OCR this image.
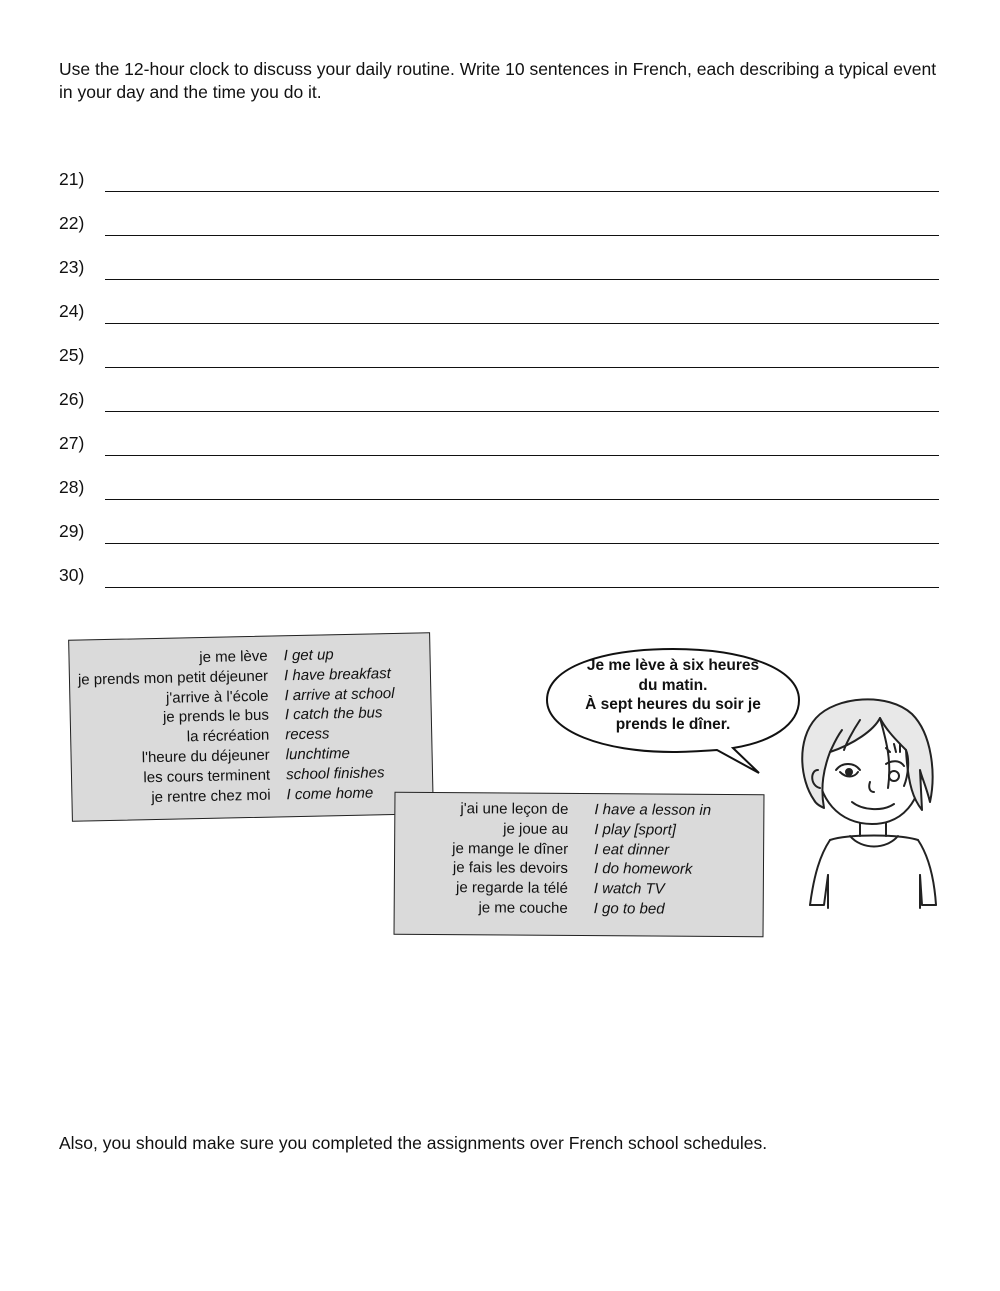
Use the 12-hour clock to discuss your daily routine. Write 10 sentences in French, each describing a typical event in your day and the time you do it.

21)
22)
23)
24)
25)
26)
27)
28)
29)
30)
je me lève	I get up
je prends mon petit déjeuner	I have breakfast
j'arrive à l'école	I arrive at school
je prends le bus	I catch the bus
la récréation	recess
l'heure du déjeuner	lunchtime
les cours terminent	school finishes
je rentre chez moi	I come home
j'ai une leçon de	I have a lesson in
je joue au	I play [sport]
je mange le dîner	I eat dinner
je fais les devoirs	I do homework
je regarde la télé	I watch TV
je me couche	I go to bed
Je me lève à six heures
du matin.
À sept heures du soir je
prends le dîner.

Also, you should make sure you completed the assignments over French school schedules.
